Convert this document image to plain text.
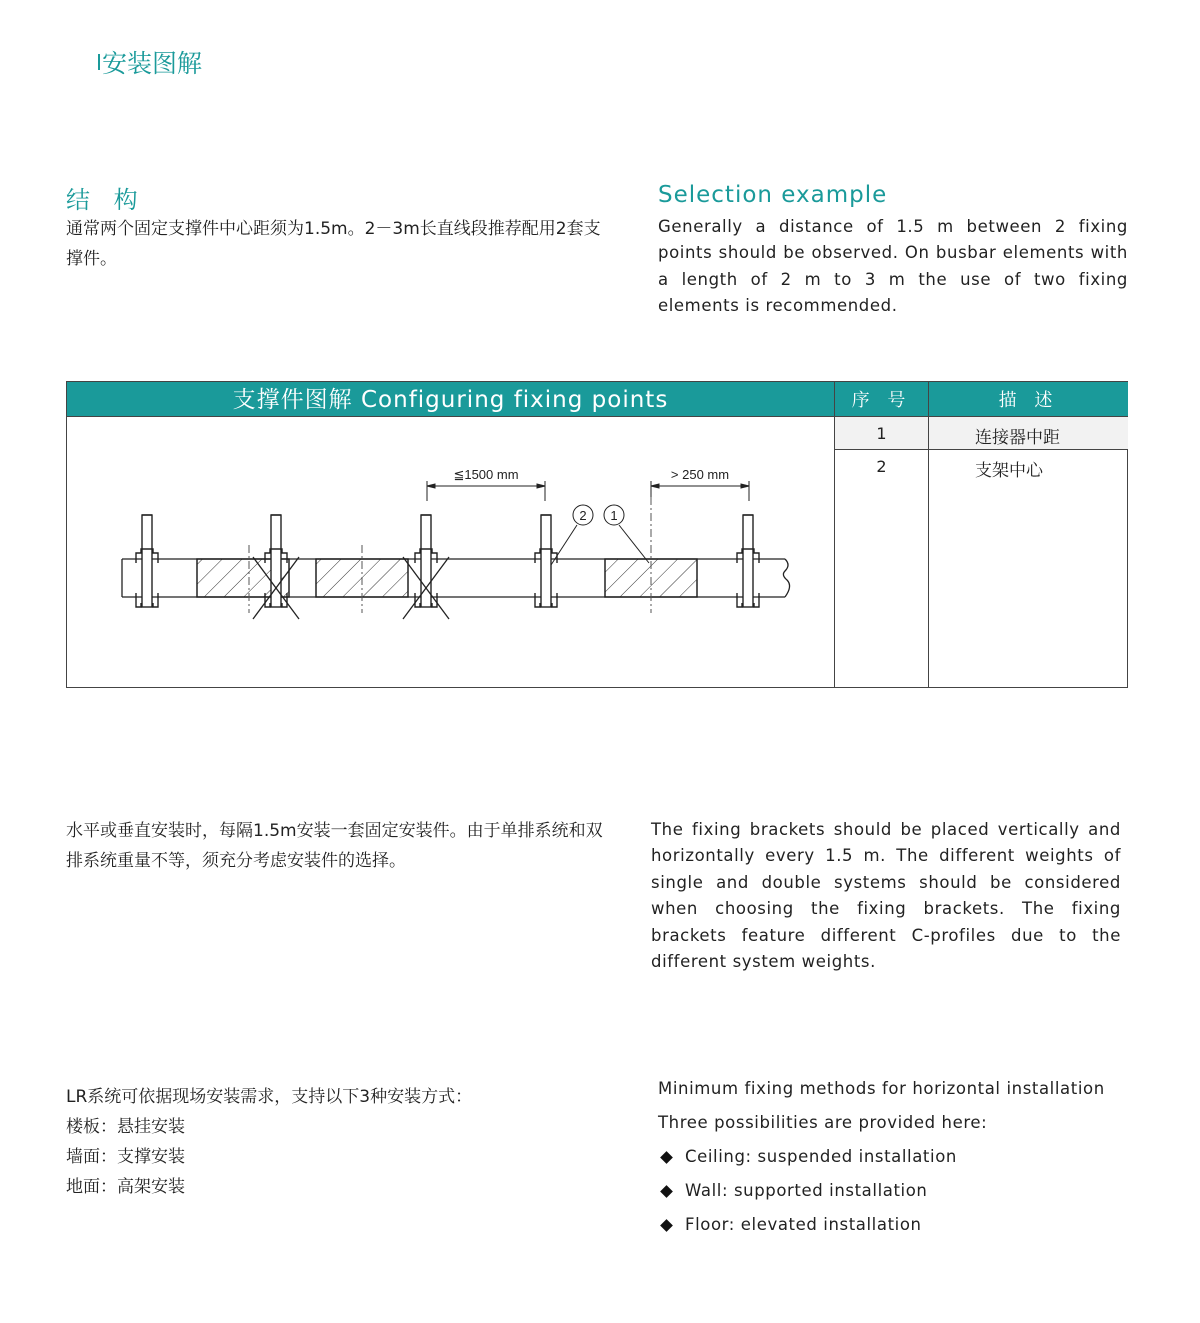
安装图解
结 构
通常两个固定支撑件中心距须为1.5m。2－3m长直线段推荐配用2套支撑件。
Selection example
Generally a distance of 1.5 m between 2 fixing points should be observed. On busbar elements with a length of 2 m to 3 m the use of two fixing elements is recommended.
支撑件图解 Configuring fixing points	序 号	描 述
1	连接器中距
2	支架中心
≦1500 mm	> 250 mm
2 1
水平或垂直安装时，每隔1.5m安装一套固定安装件。由于单排系统和双排系统重量不等，须充分考虑安装件的选择。
The fixing brackets should be placed vertically and horizontally every 1.5 m. The different weights of single and double systems should be considered when choosing the fixing brackets. The fixing brackets feature different C-profiles due to the different system weights.
LR系统可依据现场安装需求，支持以下3种安装方式：
楼板：悬挂安装
墙面：支撑安装
地面：高架安装
Minimum fixing methods for horizontal installation
Three possibilities are provided here:
Ceiling: suspended installation
Wall: supported installation
Floor: elevated installation
